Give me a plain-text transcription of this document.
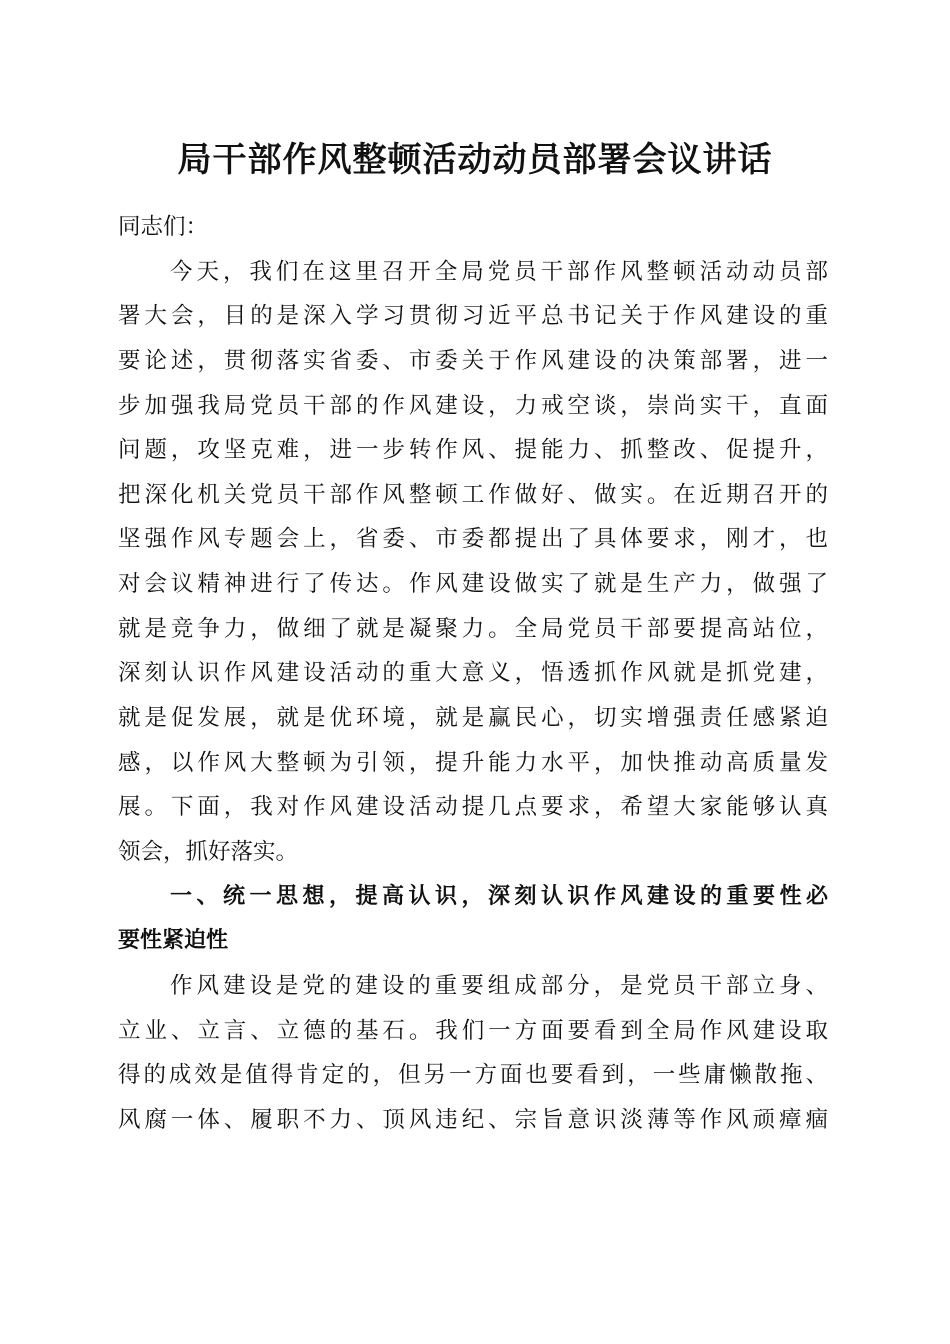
局干部作风整顿活动动员部署会议讲话
同志们：
今天，我们在这里召开全局党员干部作风整顿活动动员部
署大会，目的是深入学习贯彻习近平总书记关于作风建设的重
要论述，贯彻落实省委、市委关于作风建设的决策部署，进一
步加强我局党员干部的作风建设，力戒空谈，崇尚实干，直面
问题，攻坚克难，进一步转作风、提能力、抓整改、促提升，
把深化机关党员干部作风整顿工作做好、做实。在近期召开的
坚强作风专题会上，省委、市委都提出了具体要求，刚才，也
对会议精神进行了传达。作风建设做实了就是生产力，做强了
就是竞争力，做细了就是凝聚力。全局党员干部要提高站位，
深刻认识作风建设活动的重大意义，悟透抓作风就是抓党建，
就是促发展，就是优环境，就是赢民心，切实增强责任感紧迫
感，以作风大整顿为引领，提升能力水平，加快推动高质量发
展。下面，我对作风建设活动提几点要求，希望大家能够认真
领会，抓好落实。
一、统一思想，提高认识，深刻认识作风建设的重要性必
要性紧迫性
作风建设是党的建设的重要组成部分，是党员干部立身、
立业、立言、立德的基石。我们一方面要看到全局作风建设取
得的成效是值得肯定的，但另一方面也要看到，一些庸懒散拖、
风腐一体、履职不力、顶风违纪、宗旨意识淡薄等作风顽瘴痼
